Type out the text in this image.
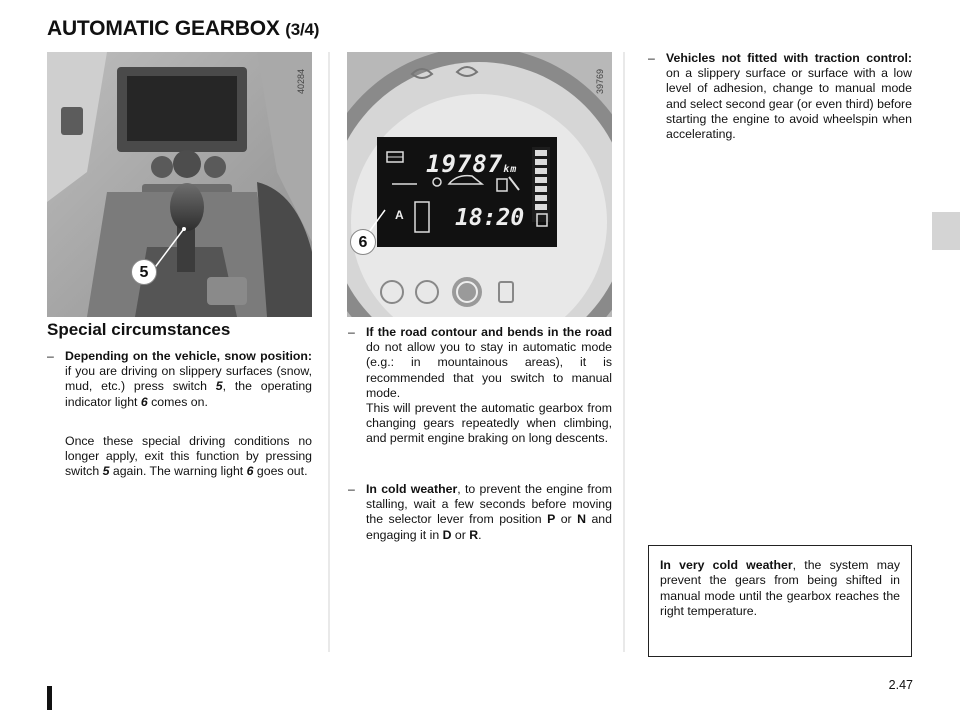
AUTOMATIC GEARBOX (3/4)
5
40284
19787km
18:20
A
6
39769
Special circumstances
– Depending on the vehicle, snow position: if you are driving on slippery surfaces (snow, mud, etc.) press switch 5, the operating indicator light 6 comes on.
Once these special driving conditions no longer apply, exit this function by pressing switch 5 again. The warning light 6 goes out.
– If the road contour and bends in the road do not allow you to stay in automatic mode (e.g.: in mountainous areas), it is recommended that you switch to manual mode.
This will prevent the automatic gearbox from changing gears repeatedly when climbing, and permit engine braking on long descents.
– In cold weather, to prevent the engine from stalling, wait a few seconds before moving the selector lever from position P or N and engaging it in D or R.
– Vehicles not fitted with traction control: on a slippery surface or surface with a low level of adhesion, change to manual mode and select second gear (or even third) before starting the engine to avoid wheelspin when accelerating.
In very cold weather, the system may prevent the gears from being shifted in manual mode until the gearbox reaches the right temperature.
2.47
